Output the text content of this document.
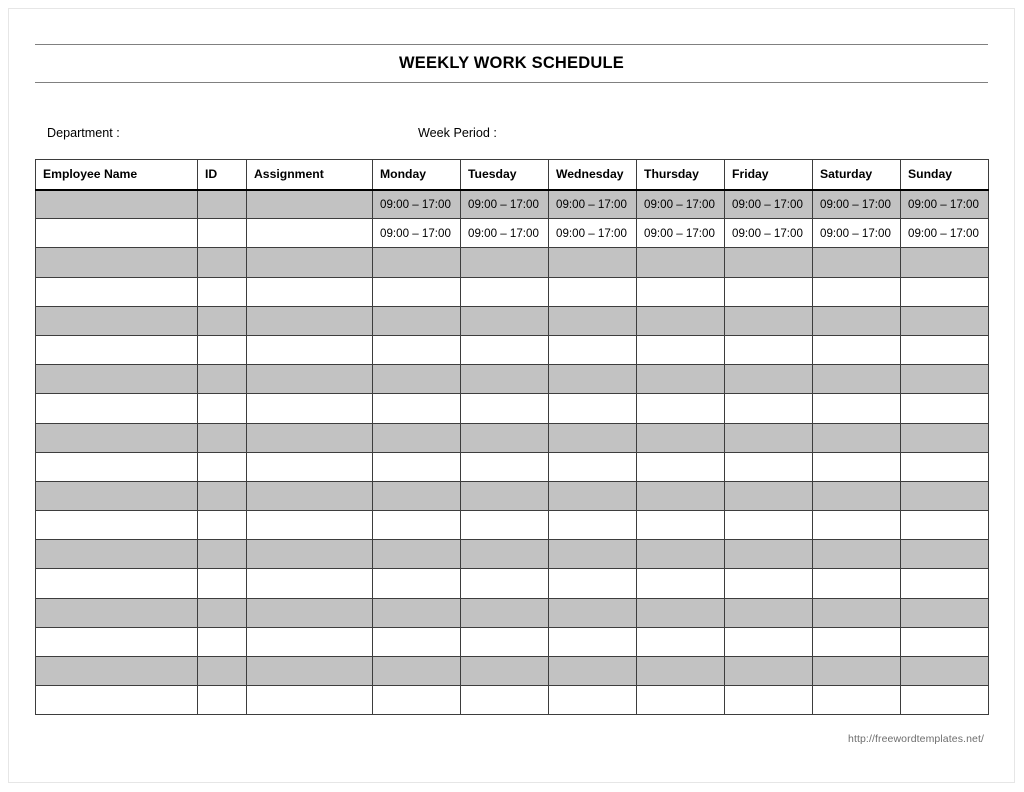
WEEKLY WORK SCHEDULE
Department :	Week Period :
Employee Name	ID	Assignment	Monday	Tuesday	Wednesday	Thursday	Friday	Saturday	Sunday
			09:00 – 17:00	09:00 – 17:00	09:00 – 17:00	09:00 – 17:00	09:00 – 17:00	09:00 – 17:00	09:00 – 17:00
			09:00 – 17:00	09:00 – 17:00	09:00 – 17:00	09:00 – 17:00	09:00 – 17:00	09:00 – 17:00	09:00 – 17:00

http://freewordtemplates.net/
